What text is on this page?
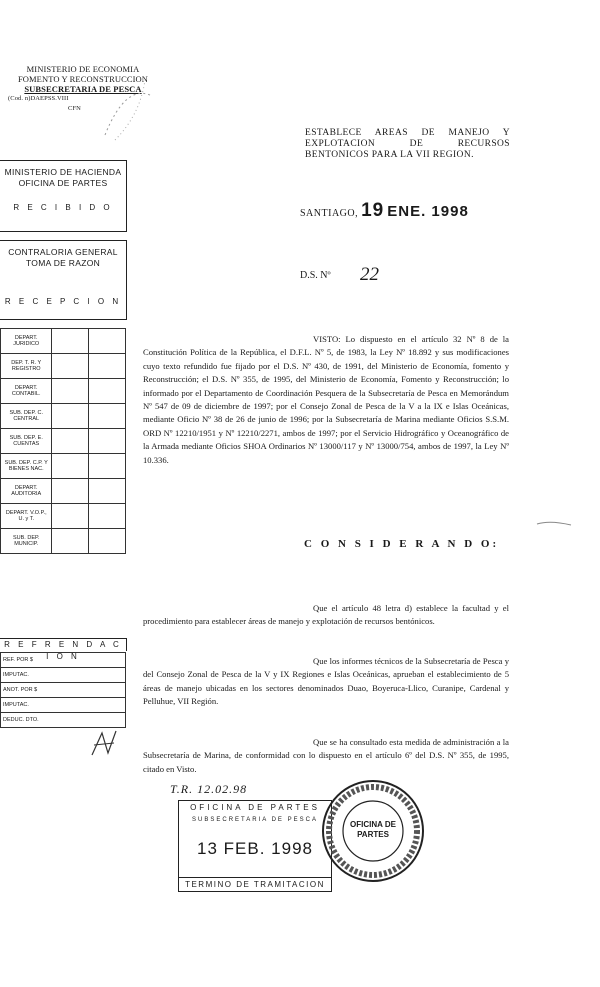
MINISTERIO DE ECONOMIA
FOMENTO Y RECONSTRUCCION
SUBSECRETARIA DE PESCA
(Cod. n)DAEPSS.VIII
CFN
MINISTERIO DE HACIENDA
OFICINA DE PARTES
R E C I B I D O
CONTRALORIA GENERAL
TOMA DE RAZON
R E C E P C I O N
DEPART. JURIDICO		
DEP. T. R. Y REGISTRO		
DEPART. CONTABIL.		
SUB. DEP. C. CENTRAL		
SUB. DEP. E. CUENTAS		
SUB. DEP. C.P. Y BIENES NAC.		
DEPART. AUDITORIA		
DEPART. V.O.P., U. y T.		
SUB. DEP. MUNICIP.		
R E F R E N D A C I O N
REF. POR $
IMPUTAC.
ANOT. POR $
IMPUTAC.
DEDUC. DTO.
ESTABLECE AREAS DE MANEJO Y EXPLOTACION DE RECURSOS BENTONICOS PARA LA VII REGION.
SANTIAGO, 19 ENE. 1998
D.S. Nº 22
VISTO: Lo dispuesto en el artículo 32 Nº 8 de la Constitución Política de la República, el D.F.L. Nº 5, de 1983, la Ley Nº 18.892 y sus modificaciones cuyo texto refundido fue fijado por el D.S. Nº 430, de 1991, del Ministerio de Economía, fomento y Reconstrucción; el D.S. Nº 355, de 1995, del Ministerio de Economía, Fomento y Reconstrucción; lo informado por el Departamento de Coordinación Pesquera de la Subsecretaría de Pesca en Memorándum Nº 547 de 09 de diciembre de 1997; por el Consejo Zonal de Pesca de la V a la IX e Islas Oceánicas, mediante Oficio Nº 38 de 26 de junio de 1996; por la Subsecretaría de Marina mediante Oficios S.S.M. ORD Nº 12210/1951 y Nº 12210/2271, ambos de 1997; por el Servicio Hidrográfico y Oceanográfico de la Armada mediante Oficios SHOA Ordinarios Nº 13000/117 y Nº 13000/754, ambos de 1997, la Ley Nº 10.336.
C O N S I D E R A N D O:
Que el artículo 48 letra d) establece la facultad y el procedimiento para establecer áreas de manejo y explotación de recursos bentónicos.
Que los informes técnicos de la Subsecretaría de Pesca y del Consejo Zonal de Pesca de la V y IX Regiones e Islas Oceánicas, aprueban el establecimiento de 5 áreas de manejo ubicadas en los sectores denominados Duao, Boyeruca-Llico, Curanipe, Cardenal y Pelluhue, VII Región.
Que se ha consultado esta medida de administración a la Subsecretaría de Marina, de conformidad con lo dispuesto en el artículo 6º del D.S. Nº 355, de 1995, citado en Visto.
T.R. 12.02.98
OFICINA DE PARTES
SUBSECRETARIA DE PESCA
13 FEB. 1998
TERMINO DE TRAMITACION
OFICINA DE PARTES
